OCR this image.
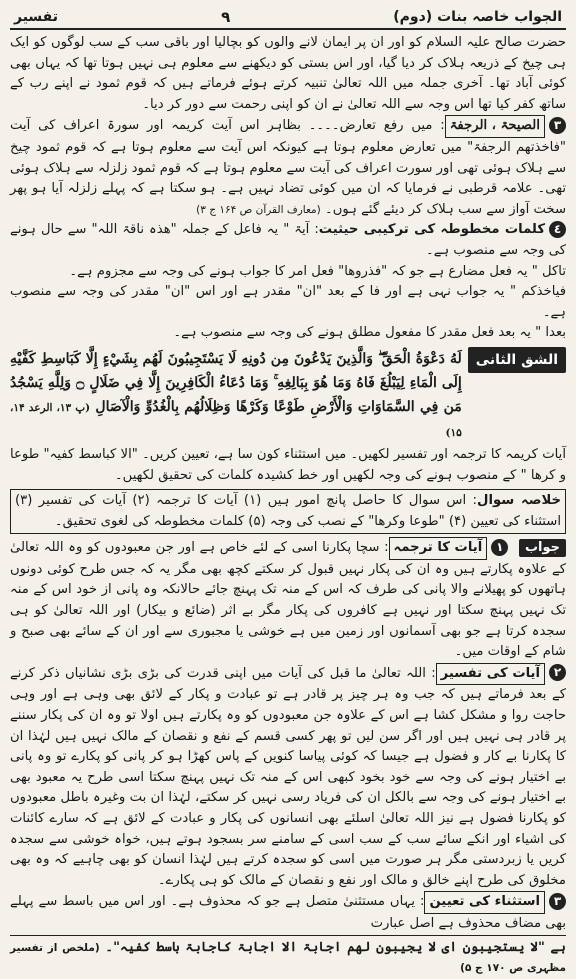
الجواب خاصہ بنات (دوم)
٩
تفسیر

حضرت صالح علیہ السلام کو اور ان پر ایمان لانے والوں کو بچالیا اور باقی سب کے سب لوگوں کو ایک ہی چیخ کے ذریعہ ہلاک کر دیا گیا، اور اس بستی کو دیکھنے سے معلوم ہی نہیں ہوتا تھا کہ یہاں بھی کوئی آباد تھا۔ آخری جملہ میں اللہ تعالیٰ تنبیہ کرتے ہوئے فرماتے ہیں کہ قوم ثمود نے اپنے رب کے ساتھ کفر کیا تھا اس وجہ سے اللہ تعالیٰ نے ان کو اپنی رحمت سے دور کر دیا۔

٣الصیحۃ ، الرجفۃ: میں رفع تعارض۔۔۔۔ بظاہر اس آیت کریمہ اور سورۃ اعراف کی آیت "فاخذتھم الرجفۃ" میں تعارض معلوم ہوتا ہے کیونکہ اس آیت سے معلوم ہوتا ہے کہ قوم ثمود چیخ سے ہلاک ہوئی تھی اور سورت اعراف کی آیت سے معلوم ہوتا ہے کہ قوم ثمود زلزلہ سے ہلاک ہوئی تھی۔ علامہ قرطبی نے فرمایا کہ ان میں کوئی تضاد نہیں ہے۔ ہو سکتا ہے کہ پہلے زلزلہ آیا ہو پھر سخت آواز سے سب ہلاک کر دیئے گئے ہوں۔ (معارف القرآن ص ۱۶۴ ج ۳)

٤کلمات مخطوطہ کی ترکیبی حیثیت: آیۃ " یہ فاعل کے جملہ "ھذہ ناقۃ اللہ" سے حال ہونے کی وجہ سے منصوب ہے۔

تاکل " یہ فعل مضارع ہے جو کہ "فذروھا" فعل امر کا جواب ہونے کی وجہ سے مجزوم ہے۔

فیاخذکم " یہ جواب نہی ہے اور فا کے بعد "ان" مقدر ہے اور اس "ان" مقدر کی وجہ سے منصوب ہے۔

بعدا " یہ بعد فعل مقدر کا مفعول مطلق ہونے کی وجہ سے منصوب ہے۔

الشق الثانی
لَهُ دَعْوَةُ الْحَقِّ ۖ وَالَّذِينَ يَدْعُونَ مِن دُونِهِ لَا يَسْتَجِيبُونَ لَهُم بِشَيْءٍ إِلَّا كَبَاسِطِ كَفَّيْهِ إِلَى الْمَاءِ لِيَبْلُغَ فَاهُ وَمَا هُوَ بِبَالِغِهِ ۚ وَمَا دُعَاءُ الْكَافِرِينَ إِلَّا فِي ضَلَالٍ ۝ وَلِلَّهِ يَسْجُدُ مَن فِي السَّمَاوَاتِ وَالْأَرْضِ طَوْعًا وَكَرْهًا وَظِلَالُهُم بِالْغُدُوِّ وَالْآصَالِ (پ ۱۳، الرعد ۱۴، ۱۵)

آیات کریمہ کا ترجمہ اور تفسیر لکھیں۔ میں استثناء کون سا ہے، تعیین کریں۔ "الا کباسط کفیہ" طوعا و کرھا " کے منصوب ہونے کی وجہ لکھیں اور خط کشیدہ کلمات کی تحقیق لکھیں۔

خلاصہ سوال: اس سوال کا حاصل پانچ امور ہیں (۱) آیات کا ترجمہ (۲) آیات کی تفسیر (۳) استثناء کی تعیین (۴) "طوعا وکرھا" کے نصب کی وجہ (۵) کلمات مخطوطہ کی لغوی تحقیق۔

جواب ١آیات کا ترجمہ: سچا پکارنا اسی کے لئے خاص ہے اور جن معبودوں کو وہ اللہ تعالیٰ کے علاوہ پکارتے ہیں وہ ان کی پکار نہیں قبول کر سکتے کچھ بھی مگر یہ کہ جس طرح کوئی دونوں ہاتھوں کو پھیلانے والا پانی کی طرف کہ اس کے منہ تک پہنچ جائے حالانکہ وہ پانی از خود اس کے منہ تک نہیں پہنچ سکتا اور نہیں ہے کافروں کی پکار مگر بے اثر (ضائع و بیکار) اور اللہ تعالیٰ کو ہی سجدہ کرتا ہے جو بھی آسمانوں اور زمین میں ہے خوشی یا مجبوری سے اور ان کے سائے بھی صبح و شام کے اوقات میں۔

٢آیات کی تفسیر: اللہ تعالیٰ ما قبل کی آیات میں اپنی قدرت کی بڑی بڑی نشانیاں ذکر کرنے کے بعد فرماتے ہیں کہ جب وہ ہر چیز پر قادر ہے تو عبادت و پکار کے لائق بھی وہی ہے اور وہی حاجت روا و مشکل کشا ہے اس کے علاوہ جن معبودوں کو وہ پکارتے ہیں اولا تو وہ ان کی پکار سننے پر قادر ہی نہیں ہیں اور اگر سن لیں تو پھر کسی قسم کے نفع و نقصان کے مالک نہیں ہیں لہٰذا ان کا پکارنا بے کار و فضول ہے جیسا کہ کوئی پیاسا کنویں کے پاس کھڑا ہو کر پانی کو پکارے تو وہ پانی بے اختیار ہونے کی وجہ سے خود بخود کبھی اس کے منہ تک نہیں پہنچ سکتا اسی طرح یہ معبود بھی بے اختیار ہونے کی وجہ سے بالکل ان کی فریاد رسی نہیں کر سکتے، لہٰذا ان بت وغیرہ باطل معبودوں کو پکارنا فضول ہے نیز اللہ تعالیٰ اسلئے بھی انسانوں کی پکار و عبادت کے لائق ہے کہ سارے کائنات کی اشیاء اور انکے سائے سب کے سب اسی کے سامنے سر بسجود ہوتے ہیں، خواہ خوشی سے سجدہ کریں یا زبردستی مگر ہر صورت میں اسی کو سجدہ کرتے ہیں لہٰذا انسان کو بھی چاہیے کہ وہ بھی مخلوق کی طرح اپنے خالق و مالک اور نفع و نقصان کے مالک کو ہی پکارے۔

٣استثناء کی تعیین: یہاں مستثنیٰ متصل ہے جو کہ محذوف ہے۔ اور اس میں باسط سے پہلے بھی مضاف محذوف ہے اصل عبارت

ہے "لا یستجیبون ای لا یجیبون لھم اجابۃ الا اجابۃ کاجابۃ باسط کفیہ"۔ (ملخص از تفسیر مظہری ص ۱۷۰ ج ۵)
